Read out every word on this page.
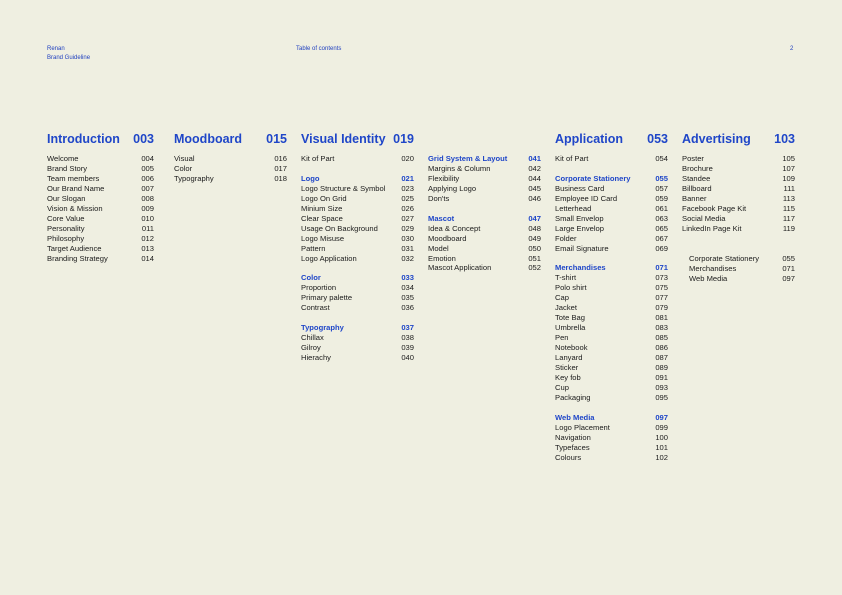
Renan
Brand Guideline
Table of contents	2
Introduction 003
Welcome	004
Brand Story	005
Team members	006
Our Brand Name	007
Our Slogan	008
Vision & Mission	009
Core Value	010
Personality	011
Philosophy	012
Target Audience	013
Branding Strategy	014
Moodboard 015
Visual	016
Color	017
Typography	018
Visual Identity 019
Kit of Part	020
Logo	021
Logo Structure & Symbol 023
Logo On Grid	025
Minium Size	026
Clear Space	027
Usage On Background	029
Logo Misuse	030
Pattern	031
Logo Application	032
Color	033
Proportion	034
Primary palette	035
Contrast	036
Typography	037
Chillax	038
Gilroy	039
Hierachy	040
Grid System & Layout	041
Margins & Column	042
Flexibility	044
Applying Logo	045
Don'ts	046
Mascot	047
Idea & Concept	048
Moodboard	049
Model	050
Emotion	051
Mascot Application	052
Application 053
Kit of Part	054
Corporate Stationery	055
Business Card	057
Employee ID Card	059
Letterhead	061
Small Envelop	063
Large Envelop	065
Folder	067
Email Signature	069
Merchandises	071
T-shirt	073
Polo shirt	075
Cap	077
Jacket	079
Tote Bag	081
Umbrella	083
Pen	085
Notebook	086
Lanyard	087
Sticker	089
Key fob	091
Cup	093
Packaging	095
Web Media	097
Logo Placement	099
Navigation	100
Typefaces	101
Colours	102
Advertising 103
Poster	105
Brochure	107
Standee	109
Billboard	111
Banner	113
Facebook Page Kit	115
Social Media	117
LinkedIn Page Kit	119
Corporate Stationery	055
Merchandises	071
Web Media	097
